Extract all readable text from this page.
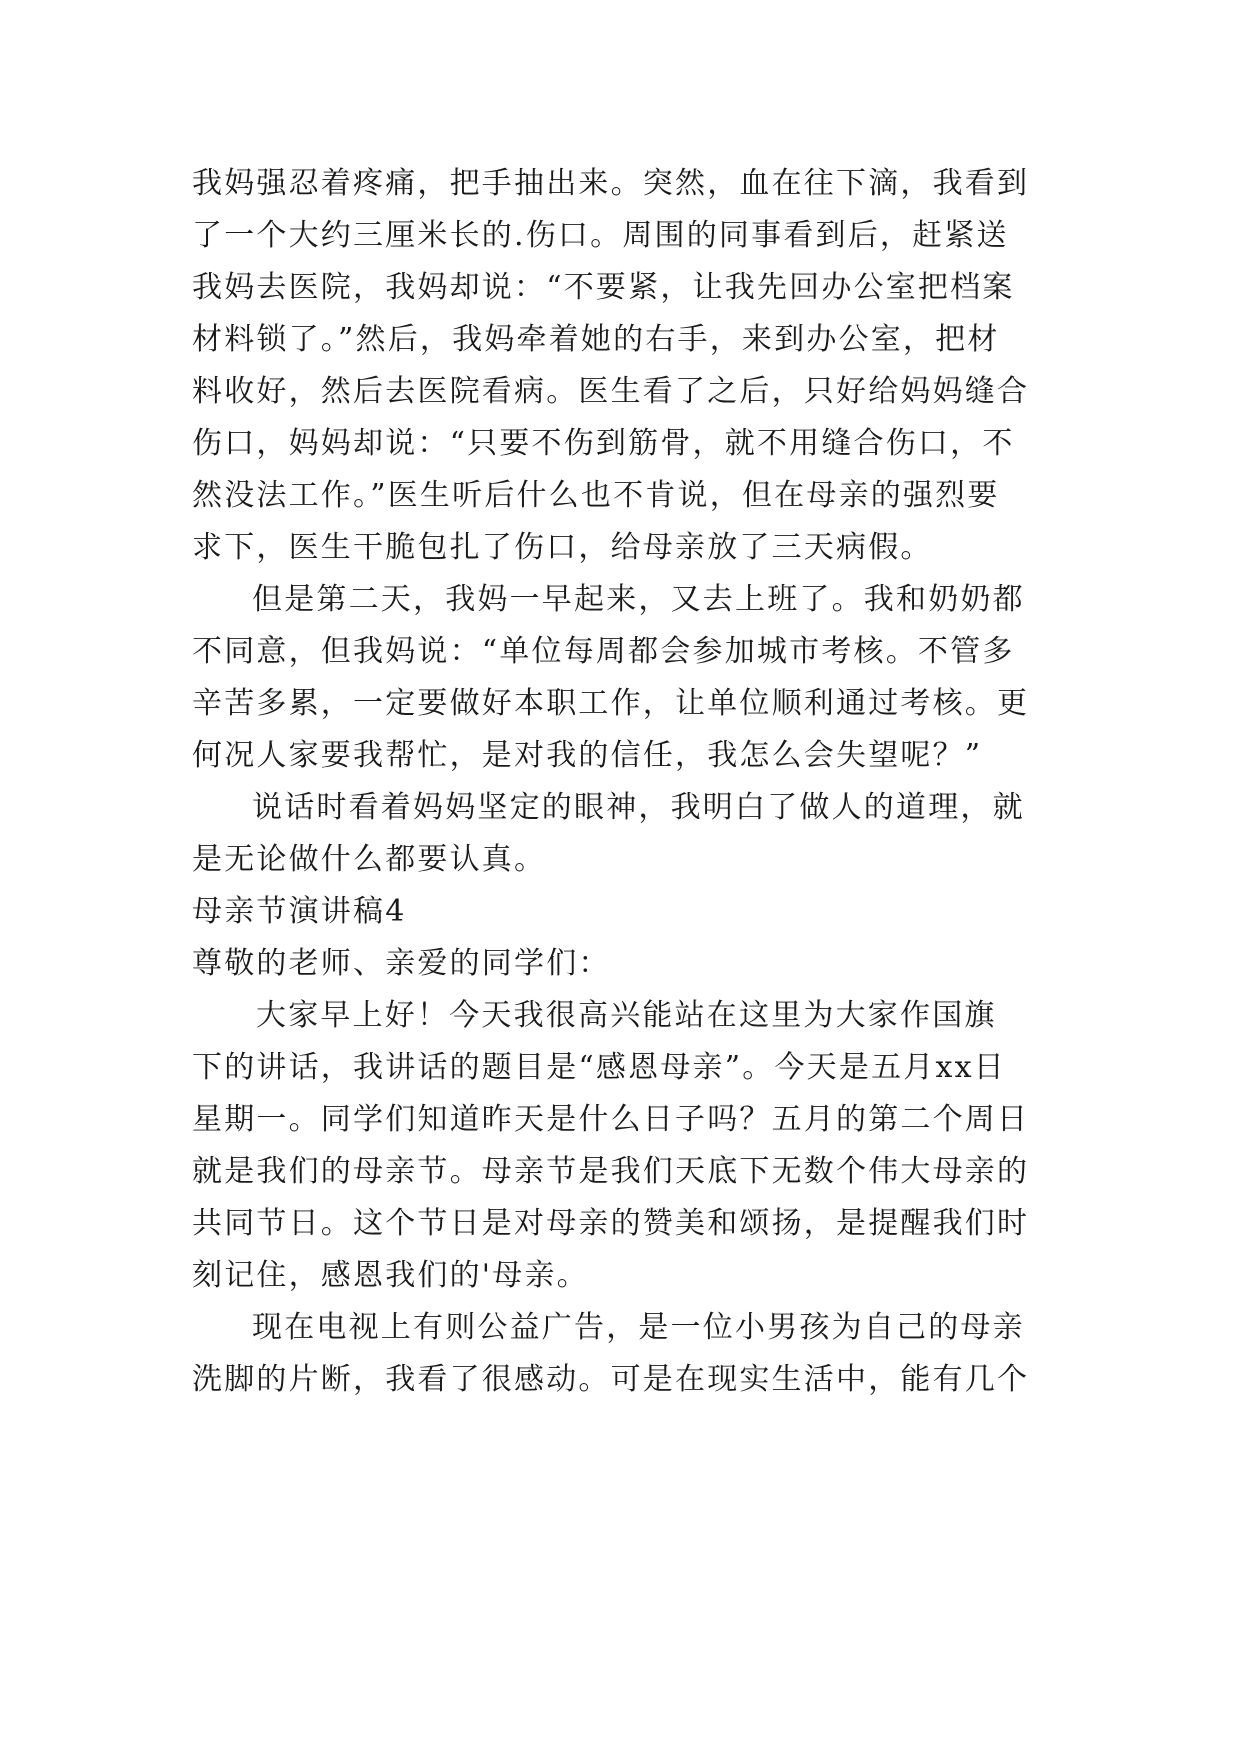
我妈强忍着疼痛，把手抽出来。突然，血在往下滴，我看到
了一个大约三厘米长的.伤口。周围的同事看到后，赶紧送
我妈去医院，我妈却说：“不要紧，让我先回办公室把档案
材料锁了。”然后，我妈牵着她的右手，来到办公室，把材
料收好，然后去医院看病。医生看了之后，只好给妈妈缝合
伤口，妈妈却说：“只要不伤到筋骨，就不用缝合伤口，不
然没法工作。”医生听后什么也不肯说，但在母亲的强烈要
求下，医生干脆包扎了伤口，给母亲放了三天病假。
但是第二天，我妈一早起来，又去上班了。我和奶奶都
不同意，但我妈说：“单位每周都会参加城市考核。不管多
辛苦多累，一定要做好本职工作，让单位顺利通过考核。更
何况人家要我帮忙，是对我的信任，我怎么会失望呢？”
说话时看着妈妈坚定的眼神，我明白了做人的道理，就
是无论做什么都要认真。
母亲节演讲稿4
尊敬的老师、亲爱的同学们：
大家早上好！今天我很高兴能站在这里为大家作国旗
下的讲话，我讲话的题目是“感恩母亲”。今天是五月xx日
星期一。同学们知道昨天是什么日子吗？五月的第二个周日
就是我们的母亲节。母亲节是我们天底下无数个伟大母亲的
共同节日。这个节日是对母亲的赞美和颂扬，是提醒我们时
刻记住，感恩我们的'母亲。
现在电视上有则公益广告，是一位小男孩为自己的母亲
洗脚的片断，我看了很感动。可是在现实生活中，能有几个
